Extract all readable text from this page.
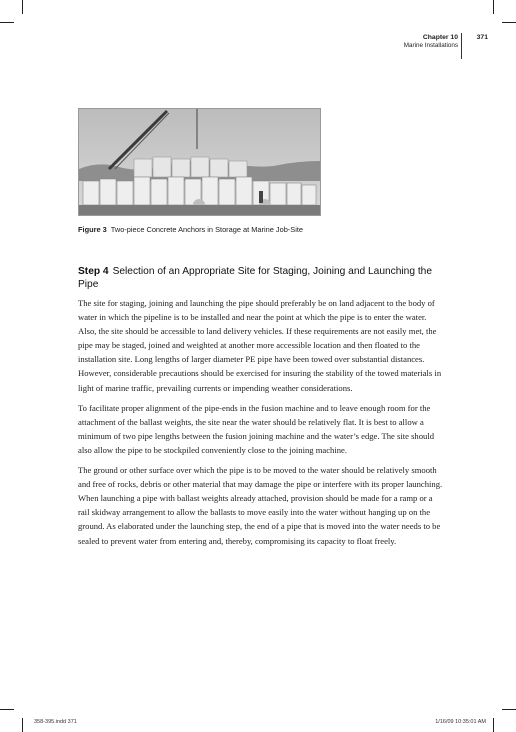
Chapter 10
Marine Installations
371
Figure 3 Two-piece Concrete Anchors in Storage at Marine Job-Site
Step 4 Selection of an Appropriate Site for Staging, Joining and Launching the Pipe

The site for staging, joining and launching the pipe should preferably be on land adjacent to the body of water in which the pipeline is to be installed and near the point at which the pipe is to enter the water. Also, the site should be accessible to land delivery vehicles. If these requirements are not easily met, the pipe may be staged, joined and weighted at another more accessible location and then floated to the installation site. Long lengths of larger diameter PE pipe have been towed over substantial distances. However, considerable precautions should be exercised for insuring the stability of the towed materials in light of marine traffic, prevailing currents or impending weather considerations.

To facilitate proper alignment of the pipe-ends in the fusion machine and to leave enough room for the attachment of the ballast weights, the site near the water should be relatively flat. It is best to allow a minimum of two pipe lengths between the fusion joining machine and the water’s edge. The site should also allow the pipe to be stockpiled conveniently close to the joining machine.

The ground or other surface over which the pipe is to be moved to the water should be relatively smooth and free of rocks, debris or other material that may damage the pipe or interfere with its proper launching. When launching a pipe with ballast weights already attached, provision should be made for a ramp or a rail skidway arrangement to allow the ballasts to move easily into the water without hanging up on the ground. As elaborated under the launching step, the end of a pipe that is moved into the water needs to be sealed to prevent water from entering and, thereby, compromising its capacity to float freely.

358-395.indd 371	1/16/09 10:35:01 AM
